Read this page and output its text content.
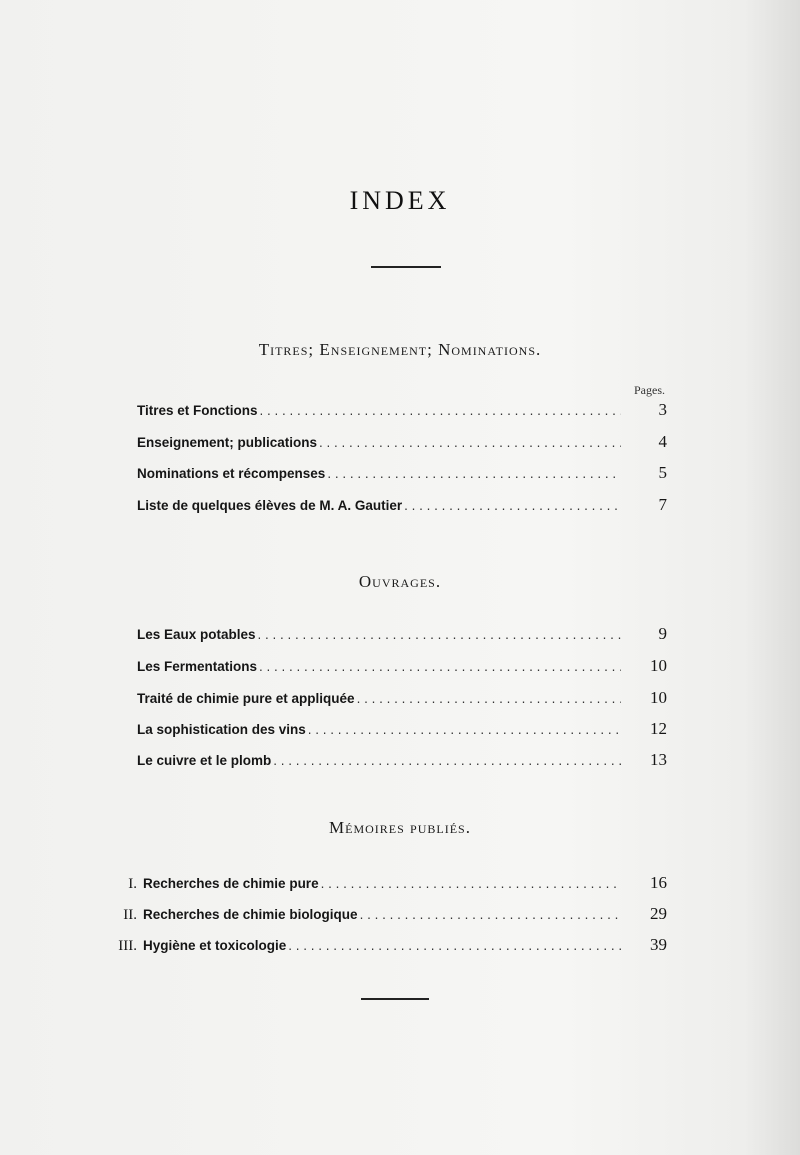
INDEX
Titres; Enseignement; Nominations.
Pages.
Titres et Fonctions . . .	3
Enseignement; publications . . .	4
Nominations et récompenses . . .	5
Liste de quelques élèves de M. A. Gautier . . .	7
Ouvrages.
Les Eaux potables . . .	9
Les Fermentations . . .	10
Traité de chimie pure et appliquée . . .	10
La sophistication des vins . . .	12
Le cuivre et le plomb . . .	13
Mémoires publiés.
I. Recherches de chimie pure . . .	16
II. Recherches de chimie biologique . . .	29
III. Hygiène et toxicologie . . .	39
